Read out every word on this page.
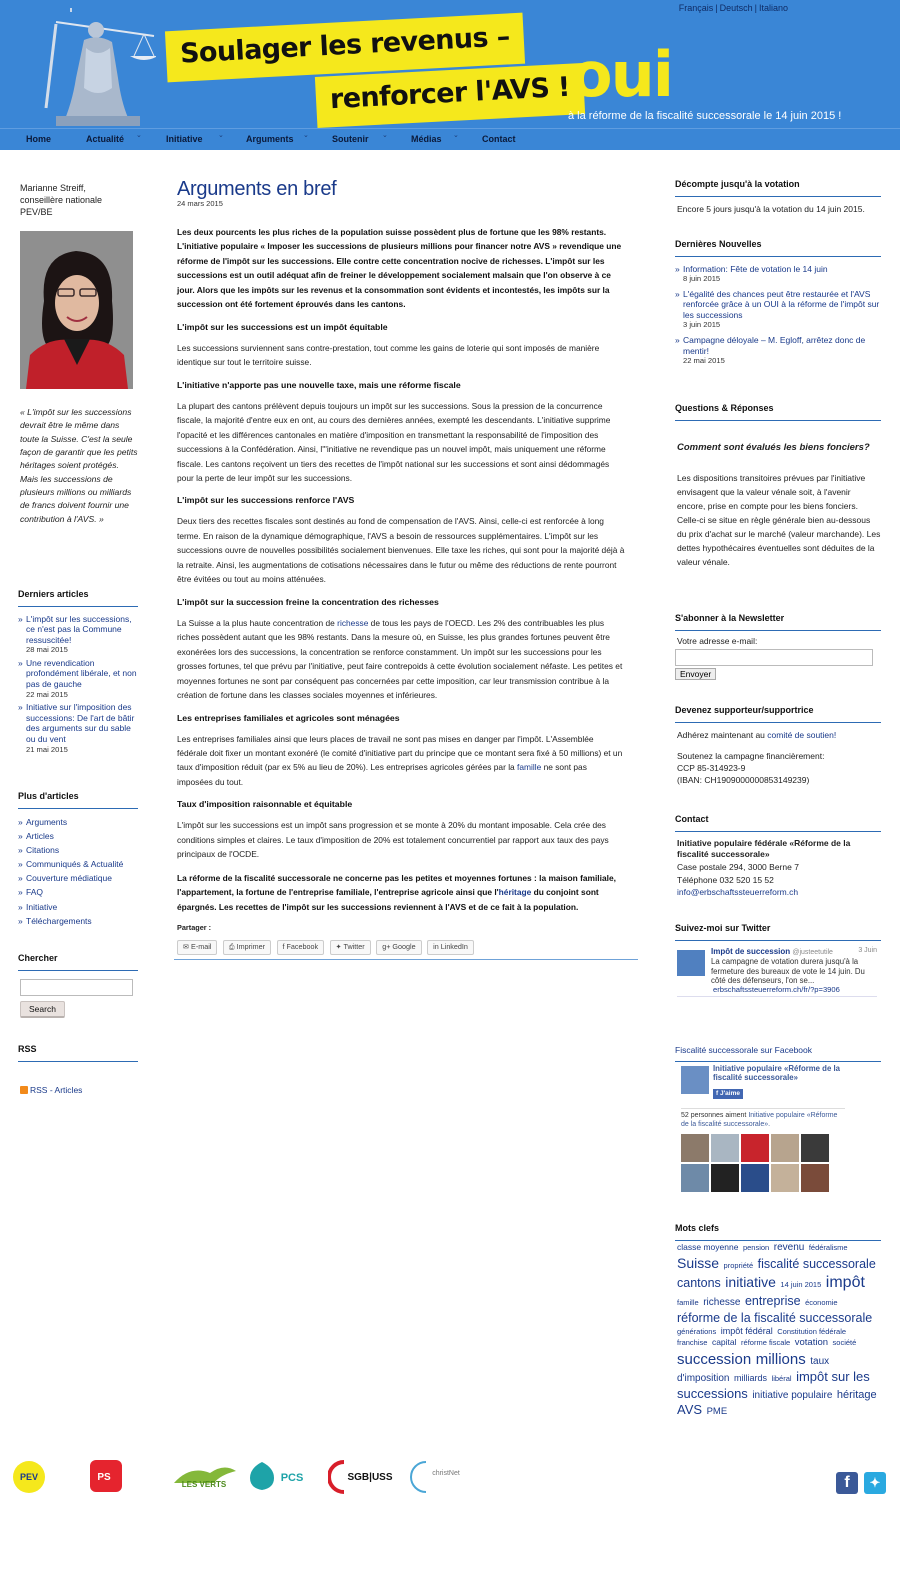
Français | Deutsch | Italiano
Soulager les revenus –
renforcer l'AVS ! oui
à la réforme de la fiscalité successorale le 14 juin 2015 !
Home	Actualité ⌄	Initiative ⌄ Arguments ⌄	Soutenir ⌄	Médias ⌄	Contact
Marianne Streiff,
conseillère nationale
PEV/BE
« L'impôt sur les successions devrait être le même dans toute la Suisse. C'est la seule façon de garantir que les petits héritages soient protégés. Mais les successions de plusieurs millions ou milliards de francs doivent fournir une contribution à l'AVS. »
Derniers articles
» L'impôt sur les successions, ce n'est pas la Commune ressuscitée!
28 mai 2015
» Une revendication profondément libérale, et non pas de gauche
22 mai 2015
» Initiative sur l'imposition des successions: De l'art de bâtir des arguments sur du sable ou du vent
21 mai 2015
Plus d'articles
» Arguments
» Articles
» Citations
» Communiqués & Actualité
» Couverture médiatique
» FAQ
» Initiative
» Téléchargements
Chercher
Search
RSS
RSS - Articles
Arguments en bref
24 mars 2015

Les deux pourcents les plus riches de la population suisse possèdent plus de fortune que les 98% restants. L'initiative populaire « Imposer les successions de plusieurs millions pour financer notre AVS » revendique une réforme de l'impôt sur les successions. Elle contre cette concentration nocive de richesses. L'impôt sur les successions est un outil adéquat afin de freiner le développement socialement malsain que l'on observe à ce jour. Alors que les impôts sur les revenus et la consommation sont évidents et incontestés, les impôts sur la succession ont été fortement éprouvés dans les cantons.

L'impôt sur les successions est un impôt équitable

Les successions surviennent sans contre-prestation, tout comme les gains de loterie qui sont imposés de manière identique sur tout le territoire suisse.

L'initiative n'apporte pas une nouvelle taxe, mais une réforme fiscale

La plupart des cantons prélèvent depuis toujours un impôt sur les successions. Sous la pression de la concurrence fiscale, la majorité d'entre eux en ont, au cours des dernières années, exempté les descendants. L'initiative supprime l'opacité et les différences cantonales en matière d'imposition en transmettant la responsabilité de l'imposition des successions à la Confédération. Ainsi, l'"initiative ne revendique pas un nouvel impôt, mais uniquement une réforme fiscale. Les cantons reçoivent un tiers des recettes de l'impôt national sur les successions et sont ainsi dédommagés pour la perte de leur impôt sur les successions.

L'impôt sur les successions renforce l'AVS

Deux tiers des recettes fiscales sont destinés au fond de compensation de l'AVS. Ainsi, celle-ci est renforcée à long terme. En raison de la dynamique démographique, l'AVS a besoin de ressources supplémentaires. L'impôt sur les successions ouvre de nouvelles possibilités socialement bienvenues. Elle taxe les riches, qui sont pour la majorité déjà à la retraite. Ainsi, les augmentations de cotisations nécessaires dans le futur ou même des réductions de rente pourront être évitées ou tout au moins atténuées.

L'impôt sur la succession freine la concentration des richesses

La Suisse a la plus haute concentration de richesse de tous les pays de l'OECD. Les 2% des contribuables les plus riches possèdent autant que les 98% restants. Dans la mesure où, en Suisse, les plus grandes fortunes peuvent être exonérées lors des successions, la concentration se renforce constamment. Un impôt sur les successions pour les grosses fortunes, tel que prévu par l'initiative, peut faire contrepoids à cette évolution socialement néfaste. Les petites et moyennes fortunes ne sont par conséquent pas concernées par cette imposition, car leur transmission contribue à la création de fortune dans les classes sociales moyennes et inférieures.

Les entreprises familiales et agricoles sont ménagées

Les entreprises familiales ainsi que leurs places de travail ne sont pas mises en danger par l'impôt. L'Assemblée fédérale doit fixer un montant exonéré (le comité d'initiative part du principe que ce montant sera fixé à 50 millions) et un taux d'imposition réduit (par ex 5% au lieu de 20%). Les entreprises agricoles gérées par la famille ne sont pas imposées du tout.

Taux d'imposition raisonnable et équitable

L'impôt sur les successions est un impôt sans progression et se monte à 20% du montant imposable. Cela crée des conditions simples et claires. Le taux d'imposition de 20% est totalement concurrentiel par rapport aux taux des pays principaux de l'OCDE.

La réforme de la fiscalité successorale ne concerne pas les petites et moyennes fortunes : la maison familiale, l'appartement, la fortune de l'entreprise familiale, l'entreprise agricole ainsi que l'héritage du conjoint sont épargnés. Les recettes de l'impôt sur les successions reviennent à l'AVS et de ce fait à la population.

Partager :
✉ E-mail ⎙ Imprimer f Facebook ✦ Twitter g+ Google in LinkedIn
Décompte jusqu'à la votation

Encore 5 jours jusqu'à la votation du 14 juin 2015.

Dernières Nouvelles
» Information: Fête de votation le 14 juin
8 juin 2015
» L'égalité des chances peut être restaurée et l'AVS renforcée grâce à un OUI à la réforme de l'impôt sur les successions
3 juin 2015
» Campagne déloyale – M. Egloff, arrêtez donc de mentir!
22 mai 2015
Questions & Réponses

Comment sont évalués les biens fonciers?

Les dispositions transitoires prévues par l'initiative envisagent que la valeur vénale soit, à l'avenir encore, prise en compte pour les biens fonciers. Celle-ci se situe en règle générale bien au-dessous du prix d'achat sur le marché (valeur marchande). Les dettes hypothécaires éventuelles sont déduites de la valeur vénale.

S'abonner à la Newsletter

Votre adresse e-mail:

Envoyer
Devenez supporteur/supportrice

Adhérez maintenant au comité de soutien!

Soutenez la campagne financièrement:

CCP 85-314923-9

(IBAN: CH1909000000853149239)

Contact

Initiative populaire fédérale «Réforme de la fiscalité successorale»

Case postale 294, 3000 Berne 7

Téléphone 032 520 15 52

info@erbschaftssteuerreform.ch

Suivez-moi sur Twitter
Impôt de succession @justeetutile	3 Juin
La campagne de votation durera jusqu'à la fermeture des bureaux de vote le 14 juin. Du côté des défenseurs, l'on se...
erbschaftssteuerreform.ch/fr/?p=3906
Fiscalité successorale sur Facebook
Initiative populaire «Réforme de la fiscalité successorale»
f J'aime
52 personnes aiment Initiative populaire «Réforme de la fiscalité successorale».
Mots clefs
classe moyenne pension revenu fédéralisme Suisse propriété fiscalité successorale cantons initiative 14 juin 2015 impôt famille richesse entreprise économie réforme de la fiscalité successorale générations impôt fédéral Constitution fédérale franchise capital réforme fiscale votation société succession millions taux d'imposition milliards libéral impôt sur les successions initiative populaire héritage AVS PME
PEV	PS
LES VERTS
PCS	SGB|USS	christNet
f	✦
